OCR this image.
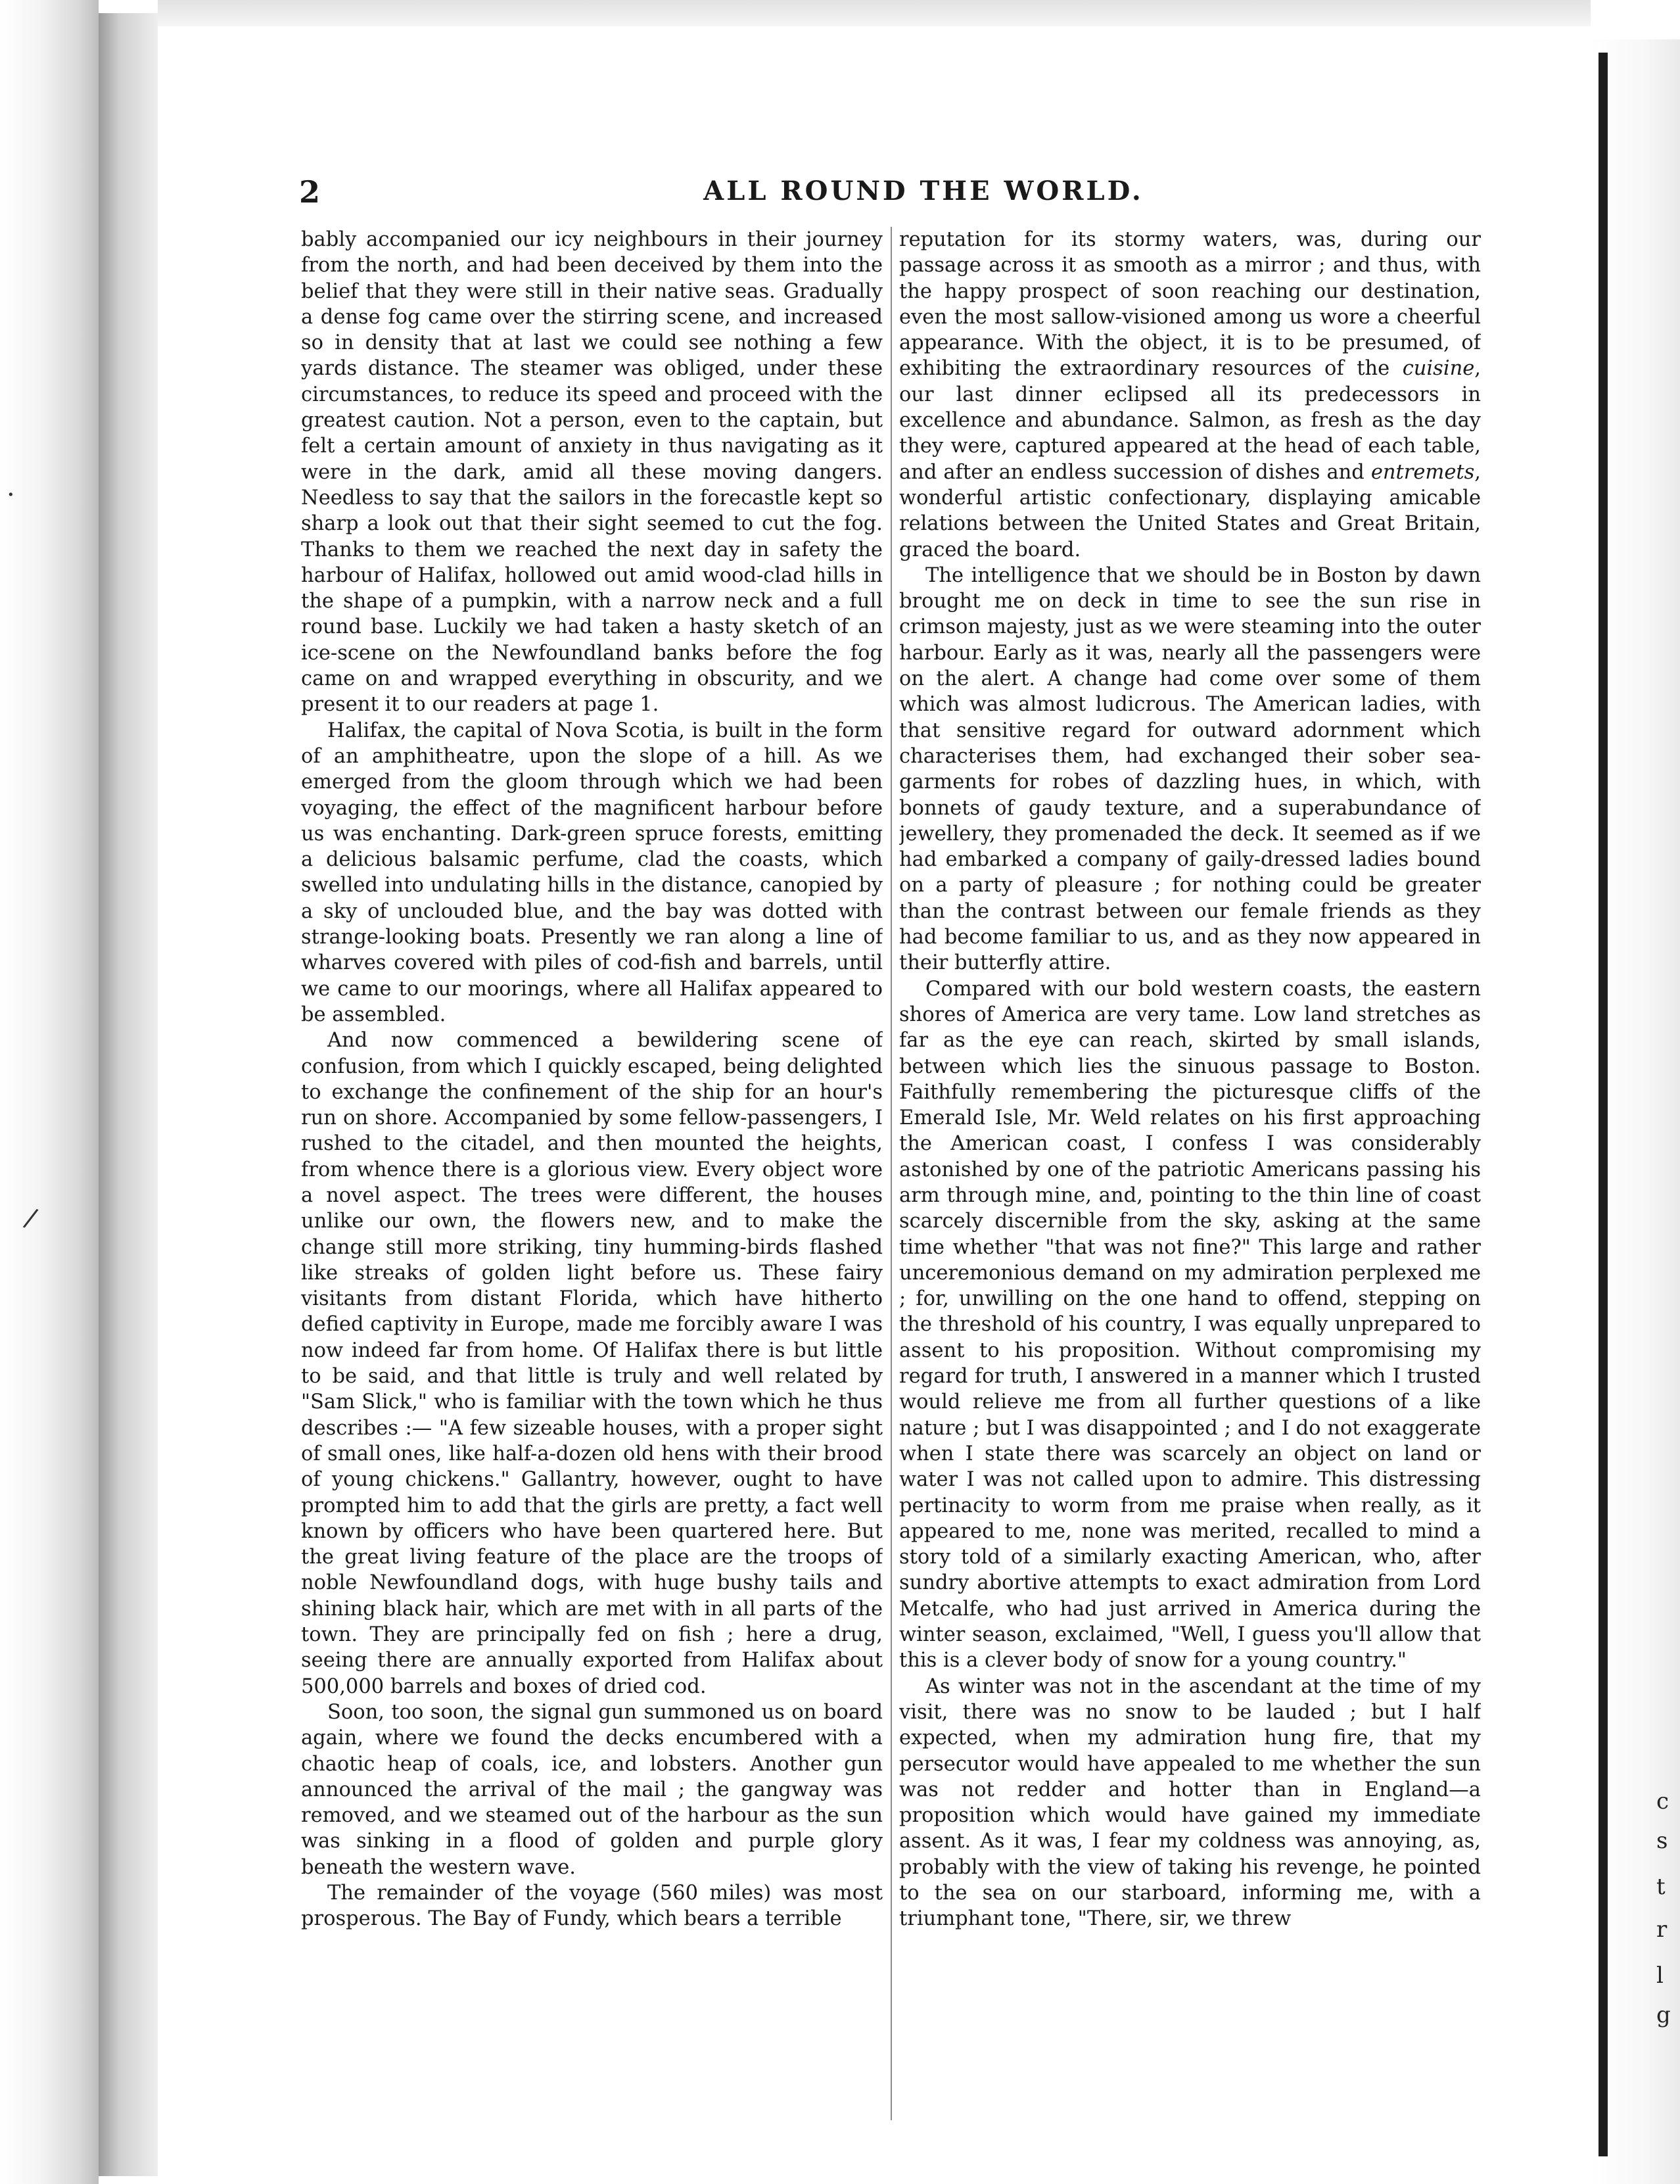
·
/
c
s
t
r
l
g
2	ALL ROUND THE WORLD.

bably accompanied our icy neighbours in their journey from the north, and had been deceived by them into the belief that they were still in their native seas. Gradually a dense fog came over the stirring scene, and increased so in density that at last we could see nothing a few yards distance. The steamer was obliged, under these circumstances, to reduce its speed and proceed with the greatest caution. Not a person, even to the captain, but felt a certain amount of anxiety in thus navigating as it were in the dark, amid all these moving dangers. Needless to say that the sailors in the forecastle kept so sharp a look out that their sight seemed to cut the fog. Thanks to them we reached the next day in safety the harbour of Halifax, hollowed out amid wood-clad hills in the shape of a pumpkin, with a narrow neck and a full round base. Luckily we had taken a hasty sketch of an ice-scene on the Newfoundland banks before the fog came on and wrapped everything in obscurity, and we present it to our readers at page 1.

Halifax, the capital of Nova Scotia, is built in the form of an amphitheatre, upon the slope of a hill. As we emerged from the gloom through which we had been voyaging, the effect of the magnificent harbour before us was enchanting. Dark-green spruce forests, emitting a delicious balsamic perfume, clad the coasts, which swelled into undulating hills in the distance, canopied by a sky of unclouded blue, and the bay was dotted with strange-looking boats. Presently we ran along a line of wharves covered with piles of cod-fish and barrels, until we came to our moorings, where all Halifax appeared to be assembled.

And now commenced a bewildering scene of confusion, from which I quickly escaped, being delighted to exchange the confinement of the ship for an hour's run on shore. Accompanied by some fellow-passengers, I rushed to the citadel, and then mounted the heights, from whence there is a glorious view. Every object wore a novel aspect. The trees were different, the houses unlike our own, the flowers new, and to make the change still more striking, tiny humming-birds flashed like streaks of golden light before us. These fairy visitants from distant Florida, which have hitherto defied captivity in Europe, made me forcibly aware I was now indeed far from home. Of Halifax there is but little to be said, and that little is truly and well related by "Sam Slick," who is familiar with the town which he thus describes :— "A few sizeable houses, with a proper sight of small ones, like half-a-dozen old hens with their brood of young chickens." Gallantry, however, ought to have prompted him to add that the girls are pretty, a fact well known by officers who have been quartered here. But the great living feature of the place are the troops of noble Newfoundland dogs, with huge bushy tails and shining black hair, which are met with in all parts of the town. They are principally fed on fish ; here a drug, seeing there are annually exported from Halifax about 500,000 barrels and boxes of dried cod.

Soon, too soon, the signal gun summoned us on board again, where we found the decks encumbered with a chaotic heap of coals, ice, and lobsters. Another gun announced the arrival of the mail ; the gangway was removed, and we steamed out of the harbour as the sun was sinking in a flood of golden and purple glory beneath the western wave.

The remainder of the voyage (560 miles) was most prosperous. The Bay of Fundy, which bears a terrible

reputation for its stormy waters, was, during our passage across it as smooth as a mirror ; and thus, with the happy prospect of soon reaching our destination, even the most sallow-visioned among us wore a cheerful appearance. With the object, it is to be presumed, of exhibiting the extraordinary resources of the cuisine, our last dinner eclipsed all its predecessors in excellence and abundance. Salmon, as fresh as the day they were, captured appeared at the head of each table, and after an endless succession of dishes and entremets, wonderful artistic confectionary, displaying amicable relations between the United States and Great Britain, graced the board.

The intelligence that we should be in Boston by dawn brought me on deck in time to see the sun rise in crimson majesty, just as we were steaming into the outer harbour. Early as it was, nearly all the passengers were on the alert. A change had come over some of them which was almost ludicrous. The American ladies, with that sensitive regard for outward adornment which characterises them, had exchanged their sober sea-garments for robes of dazzling hues, in which, with bonnets of gaudy texture, and a superabundance of jewellery, they promenaded the deck. It seemed as if we had embarked a company of gaily-dressed ladies bound on a party of pleasure ; for nothing could be greater than the contrast between our female friends as they had become familiar to us, and as they now appeared in their butterfly attire.

Compared with our bold western coasts, the eastern shores of America are very tame. Low land stretches as far as the eye can reach, skirted by small islands, between which lies the sinuous passage to Boston. Faithfully remembering the picturesque cliffs of the Emerald Isle, Mr. Weld relates on his first approaching the American coast, I confess I was considerably astonished by one of the patriotic Americans passing his arm through mine, and, pointing to the thin line of coast scarcely discernible from the sky, asking at the same time whether "that was not fine?" This large and rather unceremonious demand on my admiration perplexed me ; for, unwilling on the one hand to offend, stepping on the threshold of his country, I was equally unprepared to assent to his proposition. Without compromising my regard for truth, I answered in a manner which I trusted would relieve me from all further questions of a like nature ; but I was disappointed ; and I do not exaggerate when I state there was scarcely an object on land or water I was not called upon to admire. This distressing pertinacity to worm from me praise when really, as it appeared to me, none was merited, recalled to mind a story told of a similarly exacting American, who, after sundry abortive attempts to exact admiration from Lord Metcalfe, who had just arrived in America during the winter season, exclaimed, "Well, I guess you'll allow that this is a clever body of snow for a young country."

As winter was not in the ascendant at the time of my visit, there was no snow to be lauded ; but I half expected, when my admiration hung fire, that my persecutor would have appealed to me whether the sun was not redder and hotter than in England—a proposition which would have gained my immediate assent. As it was, I fear my coldness was annoying, as, probably with the view of taking his revenge, he pointed to the sea on our starboard, informing me, with a triumphant tone, "There, sir, we threw
